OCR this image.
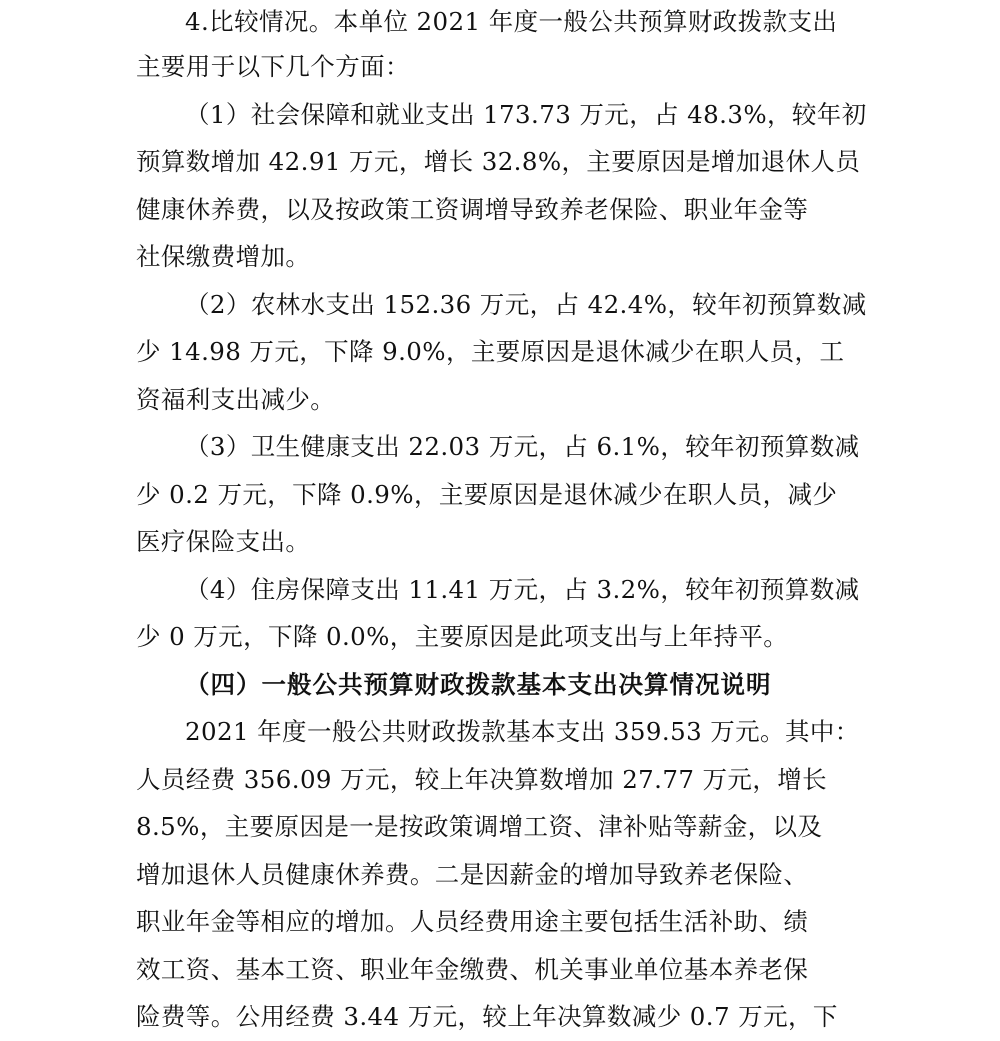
4.比较情况。本单位 2021 年度一般公共预算财政拨款支出
主要用于以下几个方面：
（1）社会保障和就业支出 173.73 万元，占 48.3%，较年初
预算数增加 42.91 万元，增长 32.8%，主要原因是增加退休人员
健康休养费，以及按政策工资调增导致养老保险、职业年金等
社保缴费增加。
（2）农林水支出 152.36 万元，占 42.4%，较年初预算数减
少 14.98 万元，下降 9.0%，主要原因是退休减少在职人员，工
资福利支出减少。
（3）卫生健康支出 22.03 万元，占 6.1%，较年初预算数减
少 0.2 万元，下降 0.9%，主要原因是退休减少在职人员，减少
医疗保险支出。
（4）住房保障支出 11.41 万元，占 3.2%，较年初预算数减
少 0 万元，下降 0.0%，主要原因是此项支出与上年持平。
（四）一般公共预算财政拨款基本支出决算情况说明
2021 年度一般公共财政拨款基本支出 359.53 万元。其中：
人员经费 356.09 万元，较上年决算数增加 27.77 万元，增长
8.5%，主要原因是一是按政策调增工资、津补贴等薪金，以及
增加退休人员健康休养费。二是因薪金的增加导致养老保险、
职业年金等相应的增加。人员经费用途主要包括生活补助、绩
效工资、基本工资、职业年金缴费、机关事业单位基本养老保
险费等。公用经费 3.44 万元，较上年决算数减少 0.7 万元，下
